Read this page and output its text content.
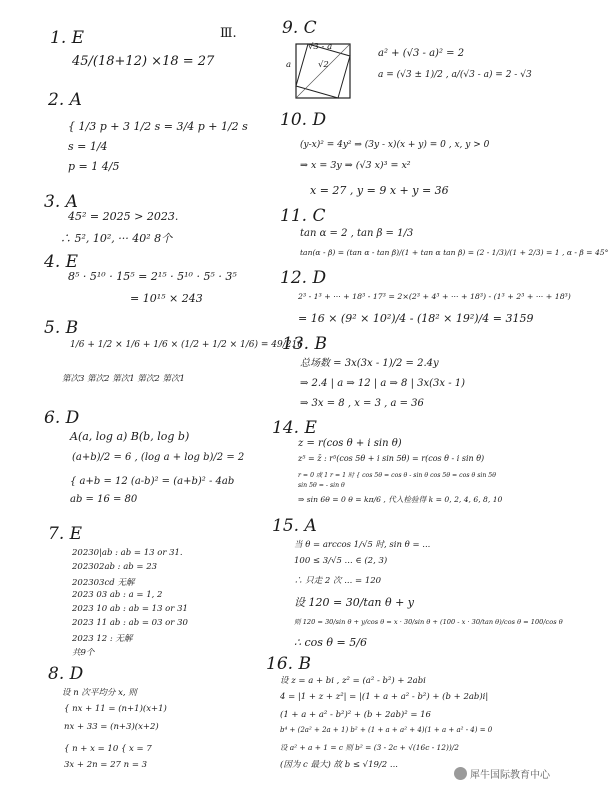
Ⅲ.
1. E
45/(18+12) ×18 = 27
2. A
{ 1/3 p + 3 1/2 s = 3/4 p + 1/2 s
s = 1/4
p = 1 4/5
3. A
45² = 2025 > 2023.
∴ 5², 10², ··· 40² 8个
4. E
8⁵ · 5¹⁰ · 15⁵ = 2¹⁵ · 5¹⁰ · 5⁵ · 3⁵
= 10¹⁵ × 243
5. B
1/6 + 1/2 × 1/6 + 1/6 × (1/2 + 1/2 × 1/6) = 49/216
第次3 第次2 第次1 第次2 第次1
6. D
A(a, log a) B(b, log b)
(a+b)/2 = 6 , (log a + log b)/2 = 2
{ a+b = 12 (a-b)² = (a+b)² - 4ab
ab = 16 = 80
7. E
20230|ab : ab = 13 or 31.
202302ab : ab = 23
202303cd 无解
2023 03 ab : a = 1, 2
2023 10 ab : ab = 13 or 31
2023 11 ab : ab = 03 or 30
2023 12 : 无解
共9个
8. D
设 n 次平均分 x, 则
{ nx + 11 = (n+1)(x+1)
nx + 33 = (n+3)(x+2)
{ n + x = 10 { x = 7
3x + 2n = 27 n = 3
9. C
√3 - a
a	√2
a² + (√3 - a)² = 2
a = (√3 ± 1)/2 , a/(√3 - a) = 2 - √3
10. D
(y-x)² = 4y² ⇒ (3y - x)(x + y) = 0 , x, y > 0
⇒ x = 3y ⇒ (√3 x)³ = x²
x = 27 , y = 9 x + y = 36
11. C
tan α = 2 , tan β = 1/3
tan(α - β) = (tan α - tan β)/(1 + tan α tan β) = (2 - 1/3)/(1 + 2/3) = 1 , α - β = 45°
12. D
2³ - 1³ + ··· + 18³ - 17³ = 2×(2³ + 4³ + ··· + 18³) - (1³ + 2³ + ··· + 18³)
= 16 × (9² × 10²)/4 - (18² × 19²)/4 = 3159
13. B
总场数 = 3x(3x - 1)/2 = 2.4y
⇒ 2.4 | a ⇒ 12 | a ⇒ 8 | 3x(3x - 1)
⇒ 3x = 8 , x = 3 , a = 36
14. E
z = r(cos θ + i sin θ)
z⁵ = z̄ : r⁵(cos 5θ + i sin 5θ) = r(cos θ - i sin θ)
r = 0 或 1 r = 1 时 { cos 5θ = cos θ - sin θ cos 5θ = cos θ sin 5θ
sin 5θ = - sin θ
⇒ sin 6θ = 0 θ = kπ/6 , 代入检验得 k = 0, 2, 4, 6, 8, 10
15. A
当 θ = arccos 1/√5 时, sin θ = ...
100 ≤ 3/√5 ... ∈ (2, 3)
∴ 只走 2 次 ... = 120
设 120 = 30/tan θ + y
则 120 = 30/sin θ + y/cos θ = x · 30/sin θ + (100 - x · 30/tan θ)/cos θ = 100/cos θ
∴ cos θ = 5/6
16. B
设 z = a + bi , z² = (a² - b²) + 2abi
4 = |1 + z + z²| = |(1 + a + a² - b²) + (b + 2ab)i|
(1 + a + a² - b²)² + (b + 2ab)² = 16
b⁴ + (2a² + 2a + 1) b² + (1 + a + a² + 4)(1 + a + a² - 4) = 0
设 a² + a + 1 = c 则 b² = (3 - 2c + √(16c - 12))/2
(因为 c 最大) 故 b ≤ √19/2 ...
犀牛国际教育中心
